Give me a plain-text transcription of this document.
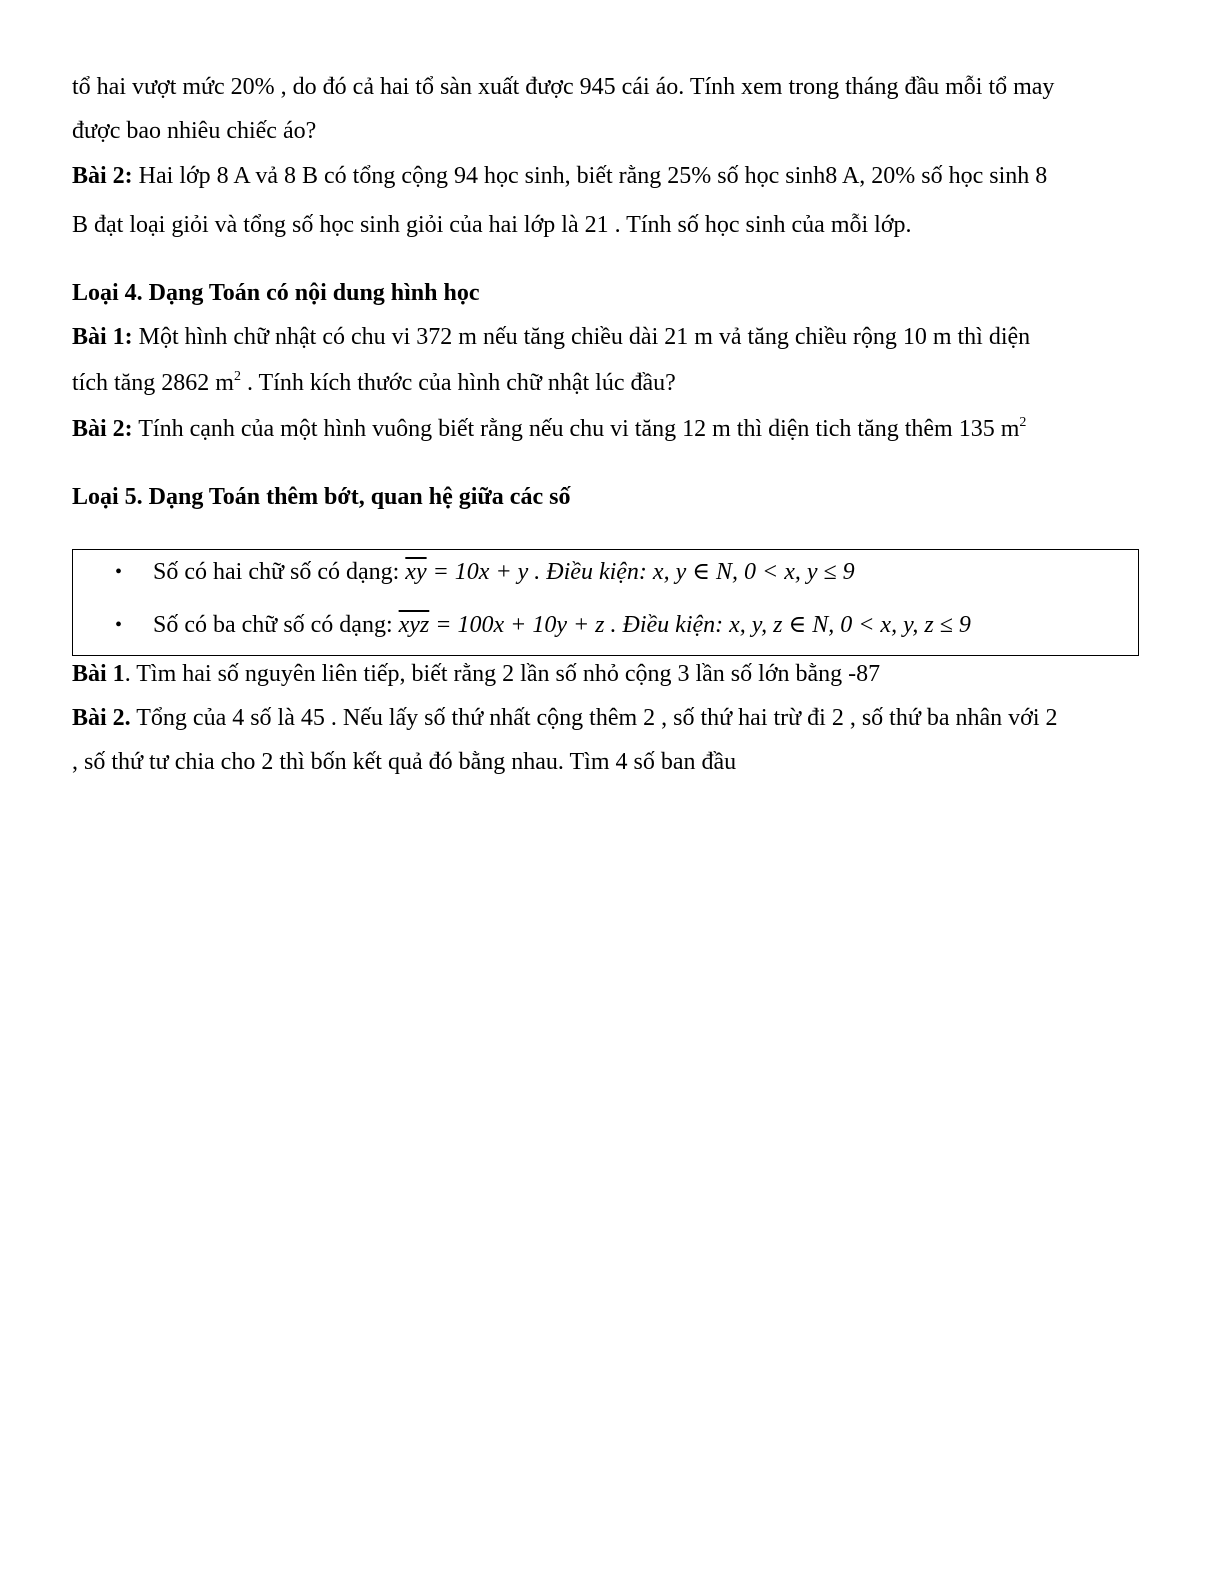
tổ hai vượt mức 20% , do đó cả hai tổ sàn xuất được 945 cái áo. Tính xem trong tháng đầu mỗi tổ may
được bao nhiêu chiếc áo?
Bài 2: Hai lớp 8 A vả 8 B có tổng cộng 94 học sinh, biết rằng 25% số học sinh8 A, 20% số học sinh 8
B đạt loại giỏi và tổng số học sinh giỏi của hai lớp là 21 . Tính số học sinh của mỗi lớp.
Loại 4. Dạng Toán có nội dung hình học
Bài 1: Một hình chữ nhật có chu vi 372 m nếu tăng chiều dài 21 m vả tăng chiều rộng 10 m thì diện
tích tăng 2862 $m^2$ . Tính kích thước của hình chữ nhật lúc đầu?
Bài 2: Tính cạnh của một hình vuông biết rằng nếu chu vi tăng 12 m thì diện tich tăng thêm 135 $m^2$
Loại 5. Dạng Toán thêm bớt, quan hệ giữa các số
• Số có hai chữ số có dạng: $\overline{xy} = 10x + y$ . Điều kiện: x, y ∈ N, 0 < x, y ≤ 9
• Số có ba chữ số có dạng: $\overline{xyz} = 100x + 10y + z$ . Điều kiện: x, y, z ∈ N, 0 < x, y, z ≤ 9
Bài 1. Tìm hai số nguyên liên tiếp, biết rằng 2 lần số nhỏ cộng 3 lần số lớn bằng -87
Bài 2. Tổng của 4 số là 45 . Nếu lấy số thứ nhất cộng thêm 2 , số thứ hai trừ đi 2 , số thứ ba nhân với 2
, số thứ tư chia cho 2 thì bốn kết quả đó bằng nhau. Tìm 4 số ban đầu
